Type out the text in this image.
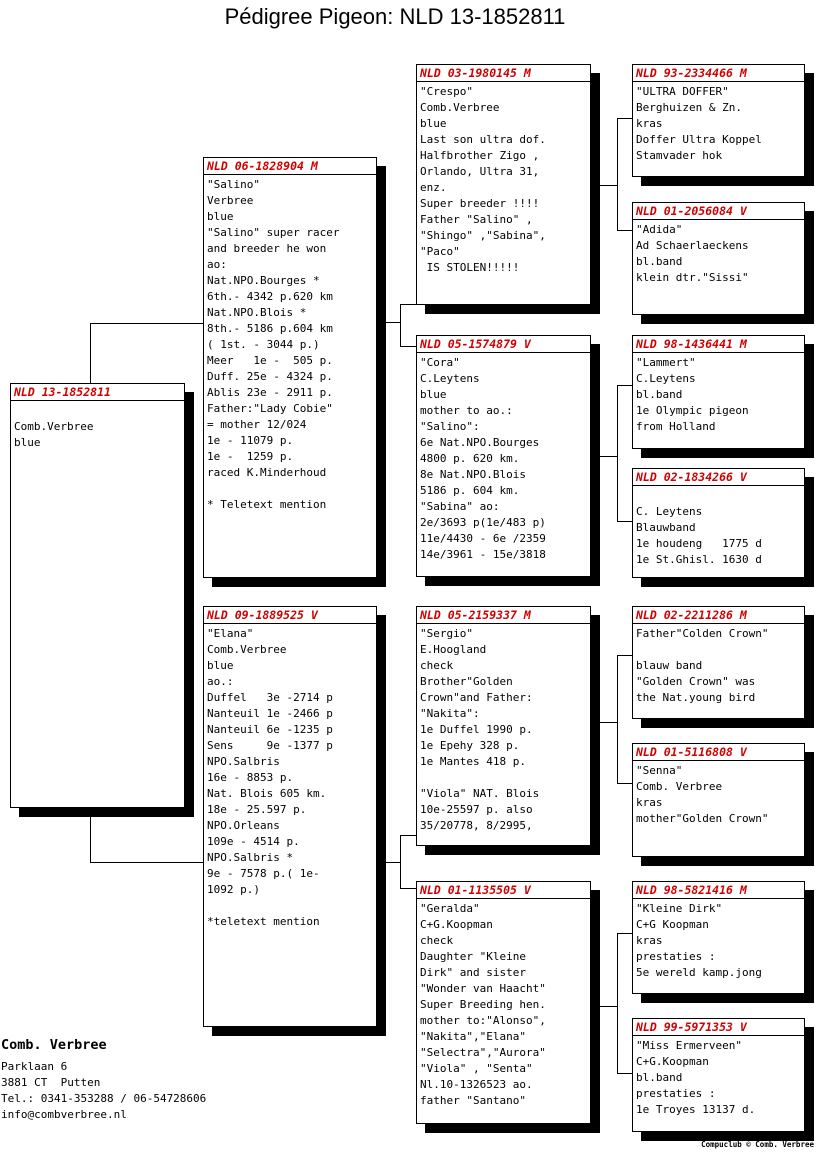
Pédigree Pigeon: NLD 13-1852811
NLD 13-1852811
Comb.Verbree
blue
NLD 06-1828904 M
"Salino"
Verbree
blue
"Salino" super racer
and breeder he won
ao:
Nat.NPO.Bourges *
6th.- 4342 p.620 km
Nat.NPO.Blois *
8th.- 5186 p.604 km
( 1st. - 3044 p.)
Meer   1e -  505 p.
Duff. 25e - 4324 p.
Ablis 23e - 2911 p.
Father:"Lady Cobie"
= mother 12/024
1e - 11079 p.
1e -  1259 p.
raced K.Minderhoud
* Teletext mention
NLD 09-1889525 V
"Elana"
Comb.Verbree
blue
ao.:
Duffel   3e -2714 p
Nanteuil 1e -2466 p
Nanteuil 6e -1235 p
Sens     9e -1377 p
NPO.Salbris
16e - 8853 p.
Nat. Blois 605 km.
18e - 25.597 p.
NPO.Orleans
109e - 4514 p.
NPO.Salbris *
9e - 7578 p.( 1e-
1092 p.)
*teletext mention
NLD 03-1980145 M
"Crespo"
Comb.Verbree
blue
Last son ultra dof.
Halfbrother Zigo ,
Orlando, Ultra 31,
enz.
Super breeder !!!!
Father "Salino" ,
"Shingo" ,"Sabina",
"Paco"
IS STOLEN!!!!!
NLD 05-1574879 V
"Cora"
C.Leytens
blue
mother to ao.:
"Salino":
6e Nat.NPO.Bourges
4800 p. 620 km.
8e Nat.NPO.Blois
5186 p. 604 km.
"Sabina" ao:
2e/3693 p(1e/483 p)
11e/4430 - 6e /2359
14e/3961 - 15e/3818
NLD 05-2159337 M
"Sergio"
E.Hoogland
check
Brother"Golden
Crown"and Father:
"Nakita":
1e Duffel 1990 p.
1e Epehy 328 p.
1e Mantes 418 p.
"Viola" NAT. Blois
10e-25597 p. also
35/20778, 8/2995,
NLD 01-1135505 V
"Geralda"
C+G.Koopman
check
Daughter "Kleine
Dirk" and sister
"Wonder van Haacht"
Super Breeding hen.
mother to:"Alonso",
"Nakita","Elana"
"Selectra","Aurora"
"Viola" , "Senta"
Nl.10-1326523 ao.
father "Santano"
NLD 93-2334466 M
"ULTRA DOFFER"
Berghuizen & Zn.
kras
Doffer Ultra Koppel
Stamvader hok
NLD 01-2056084 V
"Adida"
Ad Schaerlaeckens
bl.band
klein dtr."Sissi"
NLD 98-1436441 M
"Lammert"
C.Leytens
bl.band
1e Olympic pigeon
from Holland
NLD 02-1834266 V
C. Leytens
Blauwband
1e houdeng   1775 d
1e St.Ghisl. 1630 d
NLD 02-2211286 M
Father"Colden Crown"
blauw band
"Golden Crown" was
the Nat.young bird
NLD 01-5116808 V
"Senna"
Comb. Verbree
kras
mother"Golden Crown"
NLD 98-5821416 M
"Kleine Dirk"
C+G Koopman
kras
prestaties :
5e wereld kamp.jong
NLD 99-5971353 V
"Miss Ermerveen"
C+G.Koopman
bl.band
prestaties :
1e Troyes 13137 d.
Comb. Verbree
Parklaan 6
3881 CT  Putten
Tel.: 0341-353288 / 06-54728606
info@combverbree.nl
Compuclub © Comb. Verbree
